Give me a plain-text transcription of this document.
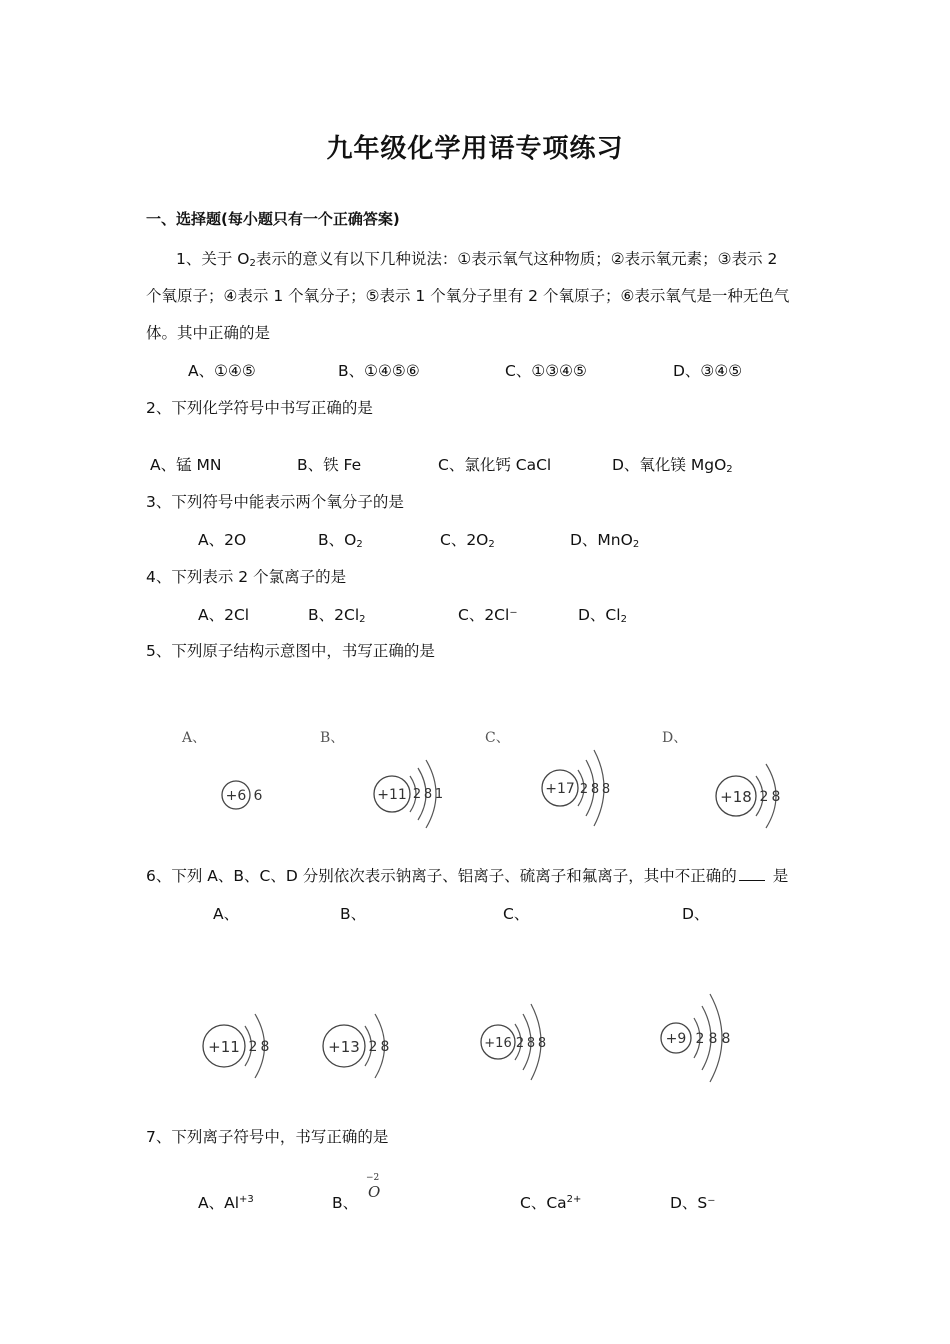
九年级化学用语专项练习
一、选择题(每小题只有一个正确答案)
1、关于 $O_2$表示的意义有以下几种说法：①表示氧气这种物质；②表示氧元素；③表示 2
个氧原子；④表示 1 个氧分子；⑤表示 1 个氧分子里有 2 个氧原子；⑥表示氧气是一种无色气
体。其中正确的是
A、①④⑤	B、①④⑤⑥	C、①③④⑤	D、③④⑤
2、下列化学符号中书写正确的是
A、锰 MN	B、铁 Fe	C、氯化钙 CaCl	D、氧化镁 MgO$_2$
3、下列符号中能表示两个氧分子的是
A、2O	B、$O_2$	C、$2O_2$	D、MnO$_2$
4、下列表示 2 个氯离子的是
A、2Cl	B、$2Cl_2$	C、2Cl⁻	D、$Cl_2$
5、下列原子结构示意图中，书写正确的是
A、	B、	C、	D、
+6 6	+11 2 8 1	+17 2 8 8	+18 2 8
6、下列 A、B、C、D 分别依次表示钠离子、铝离子、硫离子和氟离子，其中不正确的 是
A、	B、	C、	D、
+11 2 8	+13 2 8	+16 2 8 8	+9 2 8 8
7、下列离子符号中，书写正确的是
A、$Al^{+3}$	B、
−2
O
C、$Ca^{2+}$	D、S⁻
